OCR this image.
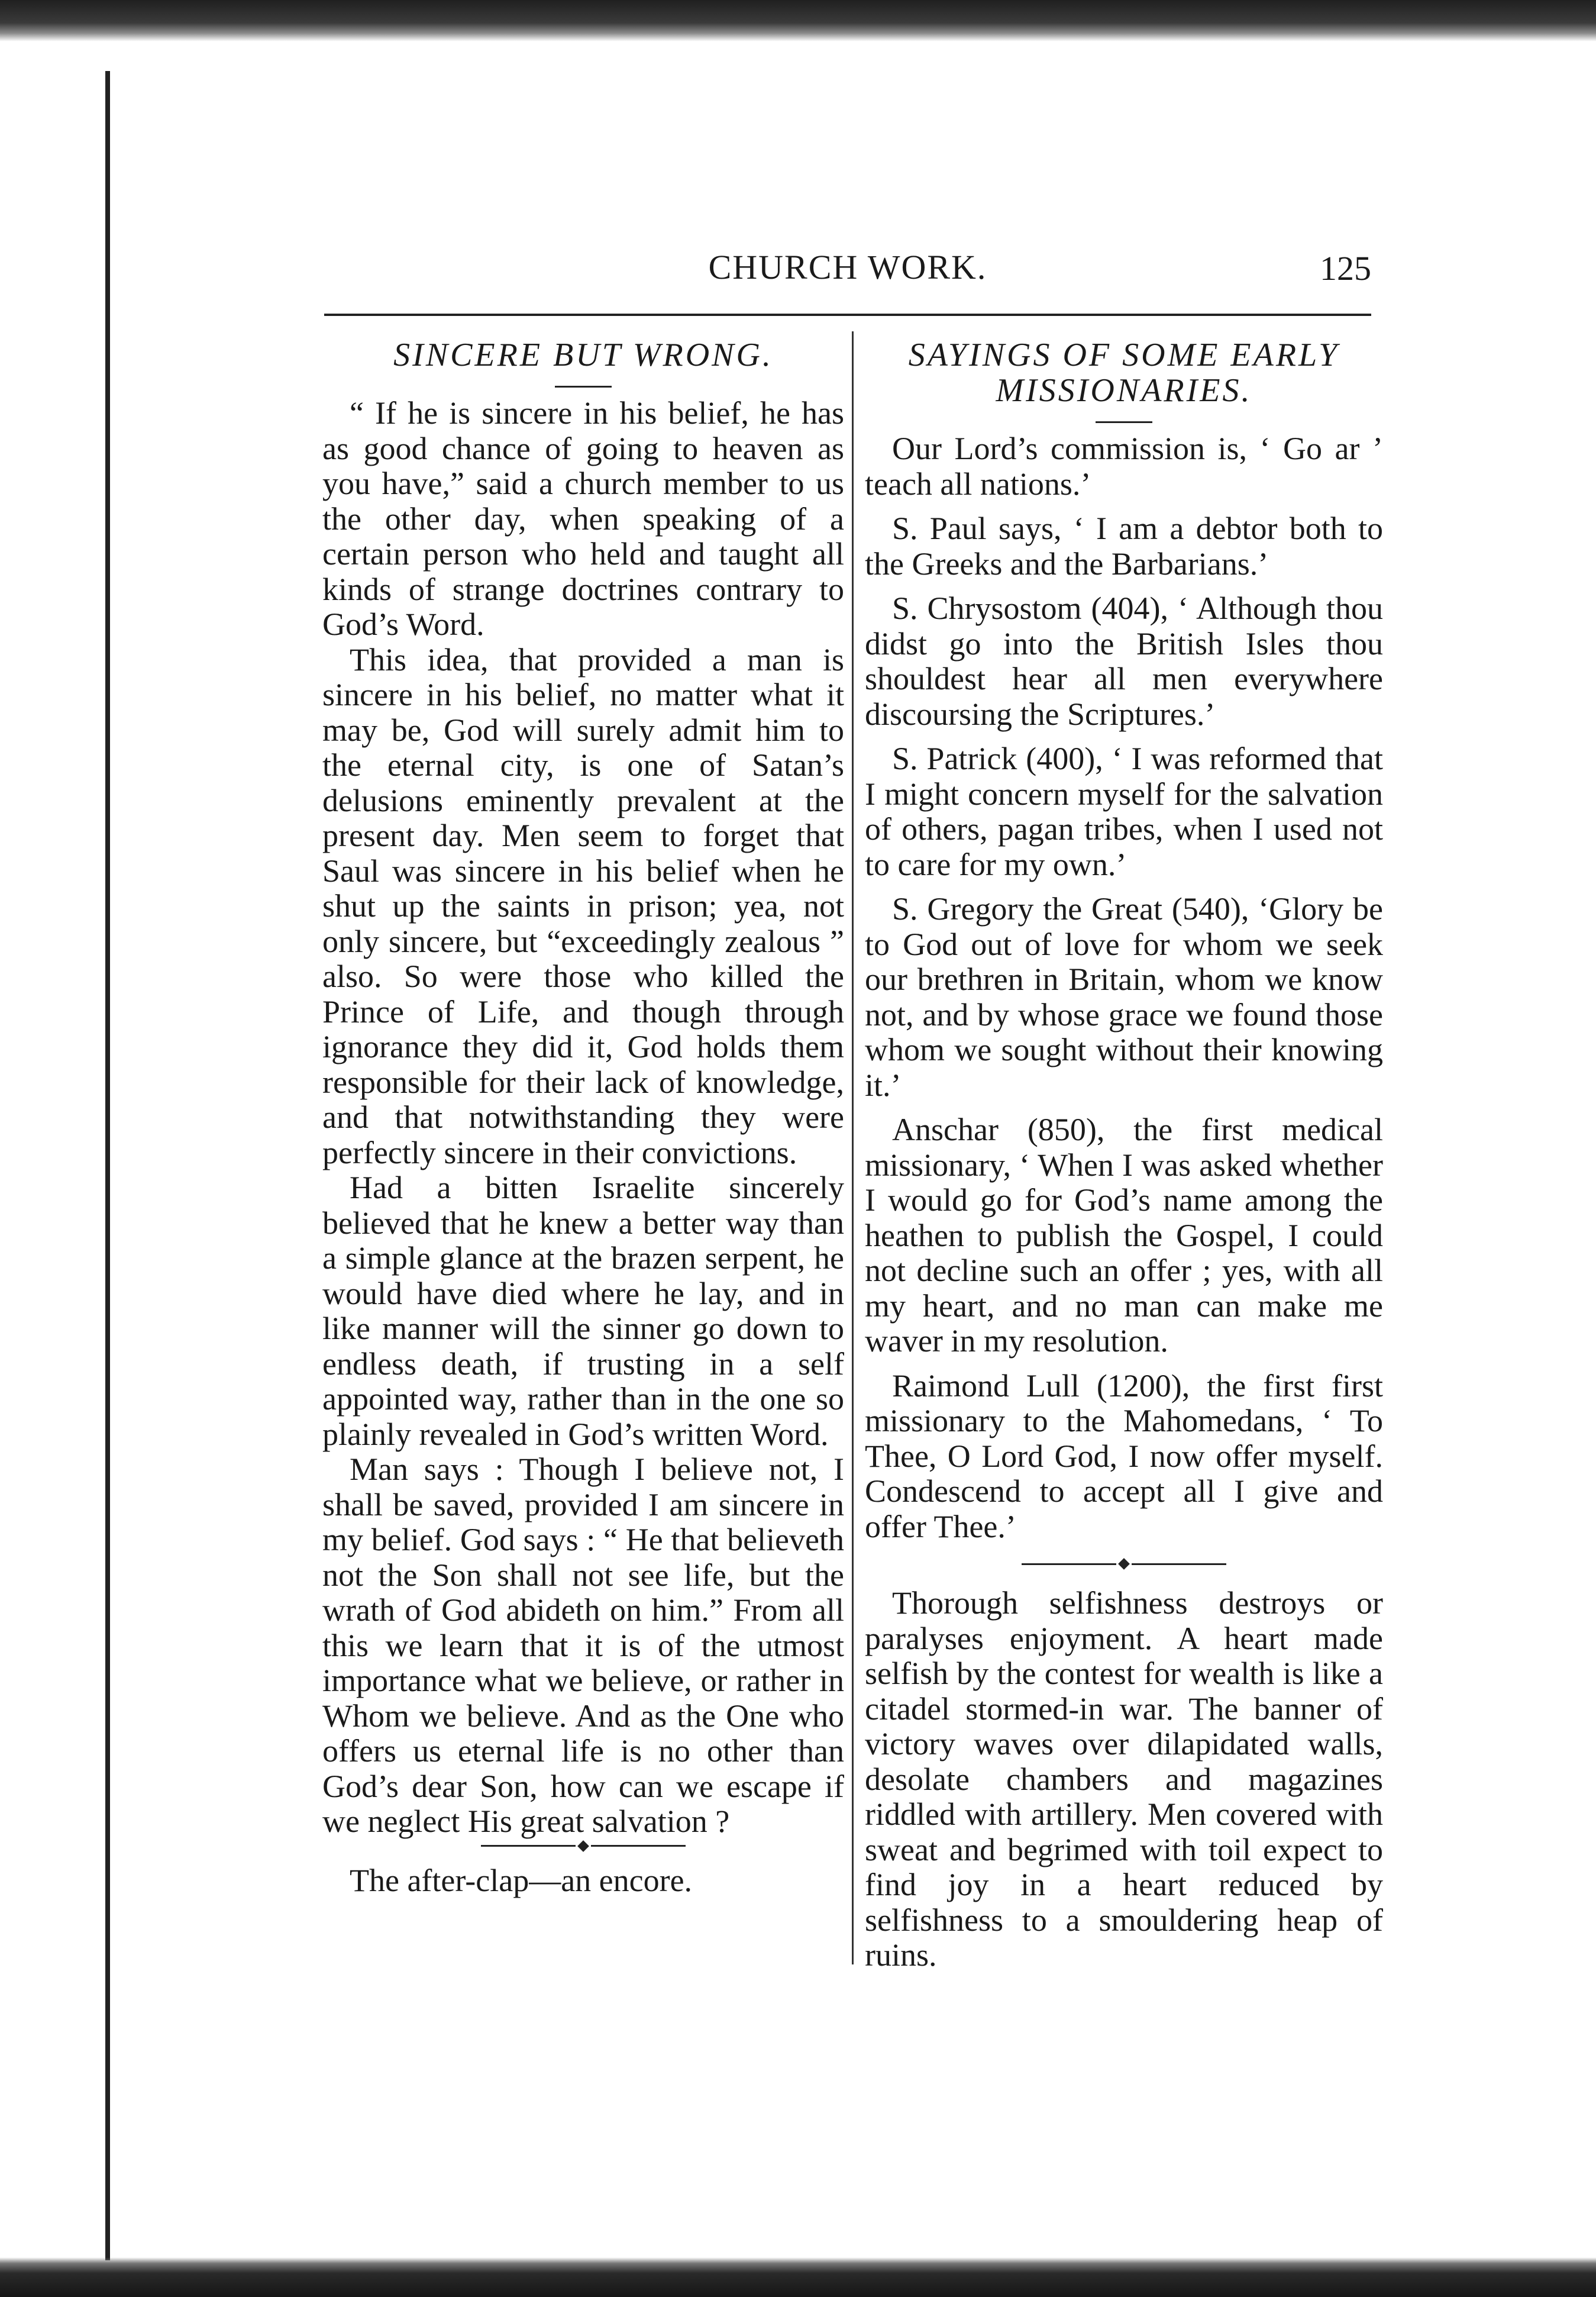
CHURCH WORK.	125
SINCERE BUT WRONG.

“ If he is sincere in his belief, he has as good chance of going to heaven as you have,” said a church member to us the other day, when speaking of a certain person who held and taught all kinds of strange doctrines contrary to God’s Word.

This idea, that provided a man is sincere in his belief, no matter what it may be, God will surely admit him to the eternal city, is one of Satan’s delusions eminently prevalent at the present day. Men seem to forget that Saul was sincere in his belief when he shut up the saints in prison; yea, not only sincere, but “exceedingly zealous ” also. So were those who killed the Prince of Life, and though through ignorance they did it, God holds them responsible for their lack of knowledge, and that notwithstanding they were perfectly sincere in their convictions.

Had a bitten Israelite sincerely believed that he knew a better way than a simple glance at the brazen serpent, he would have died where he lay, and in like manner will the sinner go down to endless death, if trusting in a self appointed way, rather than in the one so plainly revealed in God’s written Word.

Man says : Though I believe not, I shall be saved, provided I am sincere in my belief. God says : “ He that believeth not the Son shall not see life, but the wrath of God abideth on him.” From all this we learn that it is of the utmost importance what we believe, or rather in Whom we believe. And as the One who offers us eternal life is no other than God’s dear Son, how can we escape if we neglect His great salvation ?

The after-clap—an encore.

SAYINGS OF SOME EARLY MISSIONARIES.

Our Lord’s commission is, ‘ Go ar ’ teach all nations.’

S. Paul says, ‘ I am a debtor both to the Greeks and the Barbarians.’

S. Chrysostom (404), ‘ Although thou didst go into the British Isles thou shouldest hear all men everywhere discoursing the Scriptures.’

S. Patrick (400), ‘ I was reformed that I might concern myself for the salvation of others, pagan tribes, when I used not to care for my own.’

S. Gregory the Great (540), ‘Glory be to God out of love for whom we seek our brethren in Britain, whom we know not, and by whose grace we found those whom we sought without their knowing it.’

Anschar (850), the first medical missionary, ‘ When I was asked whether I would go for God’s name among the heathen to publish the Gospel, I could not decline such an offer ; yes, with all my heart, and no man can make me waver in my resolution.

Raimond Lull (1200), the first first missionary to the Mahomedans, ‘ To Thee, O Lord God, I now offer myself. Condescend to accept all I give and offer Thee.’

Thorough selfishness destroys or paralyses enjoyment. A heart made selfish by the contest for wealth is like a citadel stormed-in war. The banner of victory waves over dilapidated walls, desolate chambers and magazines riddled with artillery. Men covered with sweat and begrimed with toil expect to find joy in a heart reduced by selfishness to a smouldering heap of ruins.
